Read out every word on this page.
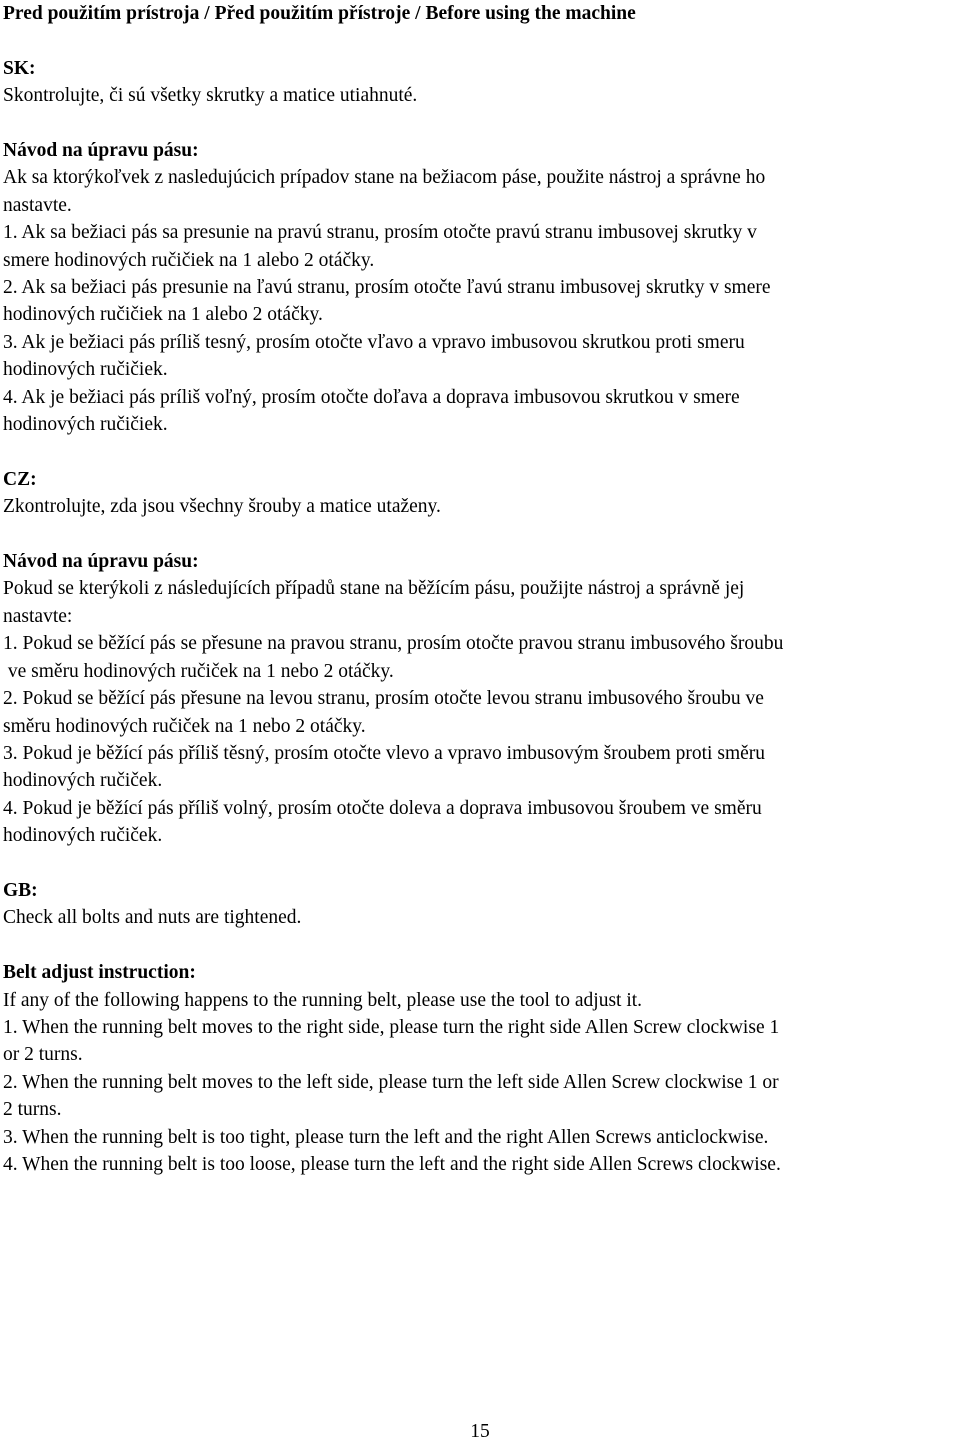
Pred použitím prístroja / Před použitím přístroje / Before using the machine
SK:
Skontrolujte, či sú všetky skrutky a matice utiahnuté.
Návod na úpravu pásu:
Ak sa ktorýkoľvek z nasledujúcich prípadov stane na bežiacom páse, použite nástroj a správne ho
nastavte.
1. Ak sa bežiaci pás sa presunie na pravú stranu, prosím otočte pravú stranu imbusovej skrutky v
smere hodinových ručičiek na 1 alebo 2 otáčky.
2. Ak sa bežiaci pás presunie na ľavú stranu, prosím otočte ľavú stranu imbusovej skrutky v smere
hodinových ručičiek na 1 alebo 2 otáčky.
3. Ak je bežiaci pás príliš tesný, prosím otočte vľavo a vpravo imbusovou skrutkou proti smeru
hodinových ručičiek.
4. Ak je bežiaci pás príliš voľný, prosím otočte doľava a doprava imbusovou skrutkou v smere
hodinových ručičiek.
CZ:
Zkontrolujte, zda jsou všechny šrouby a matice utaženy.
Návod na úpravu pásu:
Pokud se kterýkoli z následujících případů stane na běžícím pásu, použijte nástroj a správně jej
nastavte:
1. Pokud se běžící pás se přesune na pravou stranu, prosím otočte pravou stranu imbusového šroubu
ve směru hodinových ručiček na 1 nebo 2 otáčky.
2. Pokud se běžící pás přesune na levou stranu, prosím otočte levou stranu imbusového šroubu ve
směru hodinových ručiček na 1 nebo 2 otáčky.
3. Pokud je běžící pás příliš těsný, prosím otočte vlevo a vpravo imbusovým šroubem proti směru
hodinových ručiček.
4. Pokud je běžící pás příliš volný, prosím otočte doleva a doprava imbusovou šroubem ve směru
hodinových ručiček.
GB:
Check all bolts and nuts are tightened.
Belt adjust instruction:
If any of the following happens to the running belt, please use the tool to adjust it.
1. When the running belt moves to the right side, please turn the right side Allen Screw clockwise 1
or 2 turns.
2. When the running belt moves to the left side, please turn the left side Allen Screw clockwise 1 or
2 turns.
3. When the running belt is too tight, please turn the left and the right Allen Screws anticlockwise.
4. When the running belt is too loose, please turn the left and the right side Allen Screws clockwise.
15
